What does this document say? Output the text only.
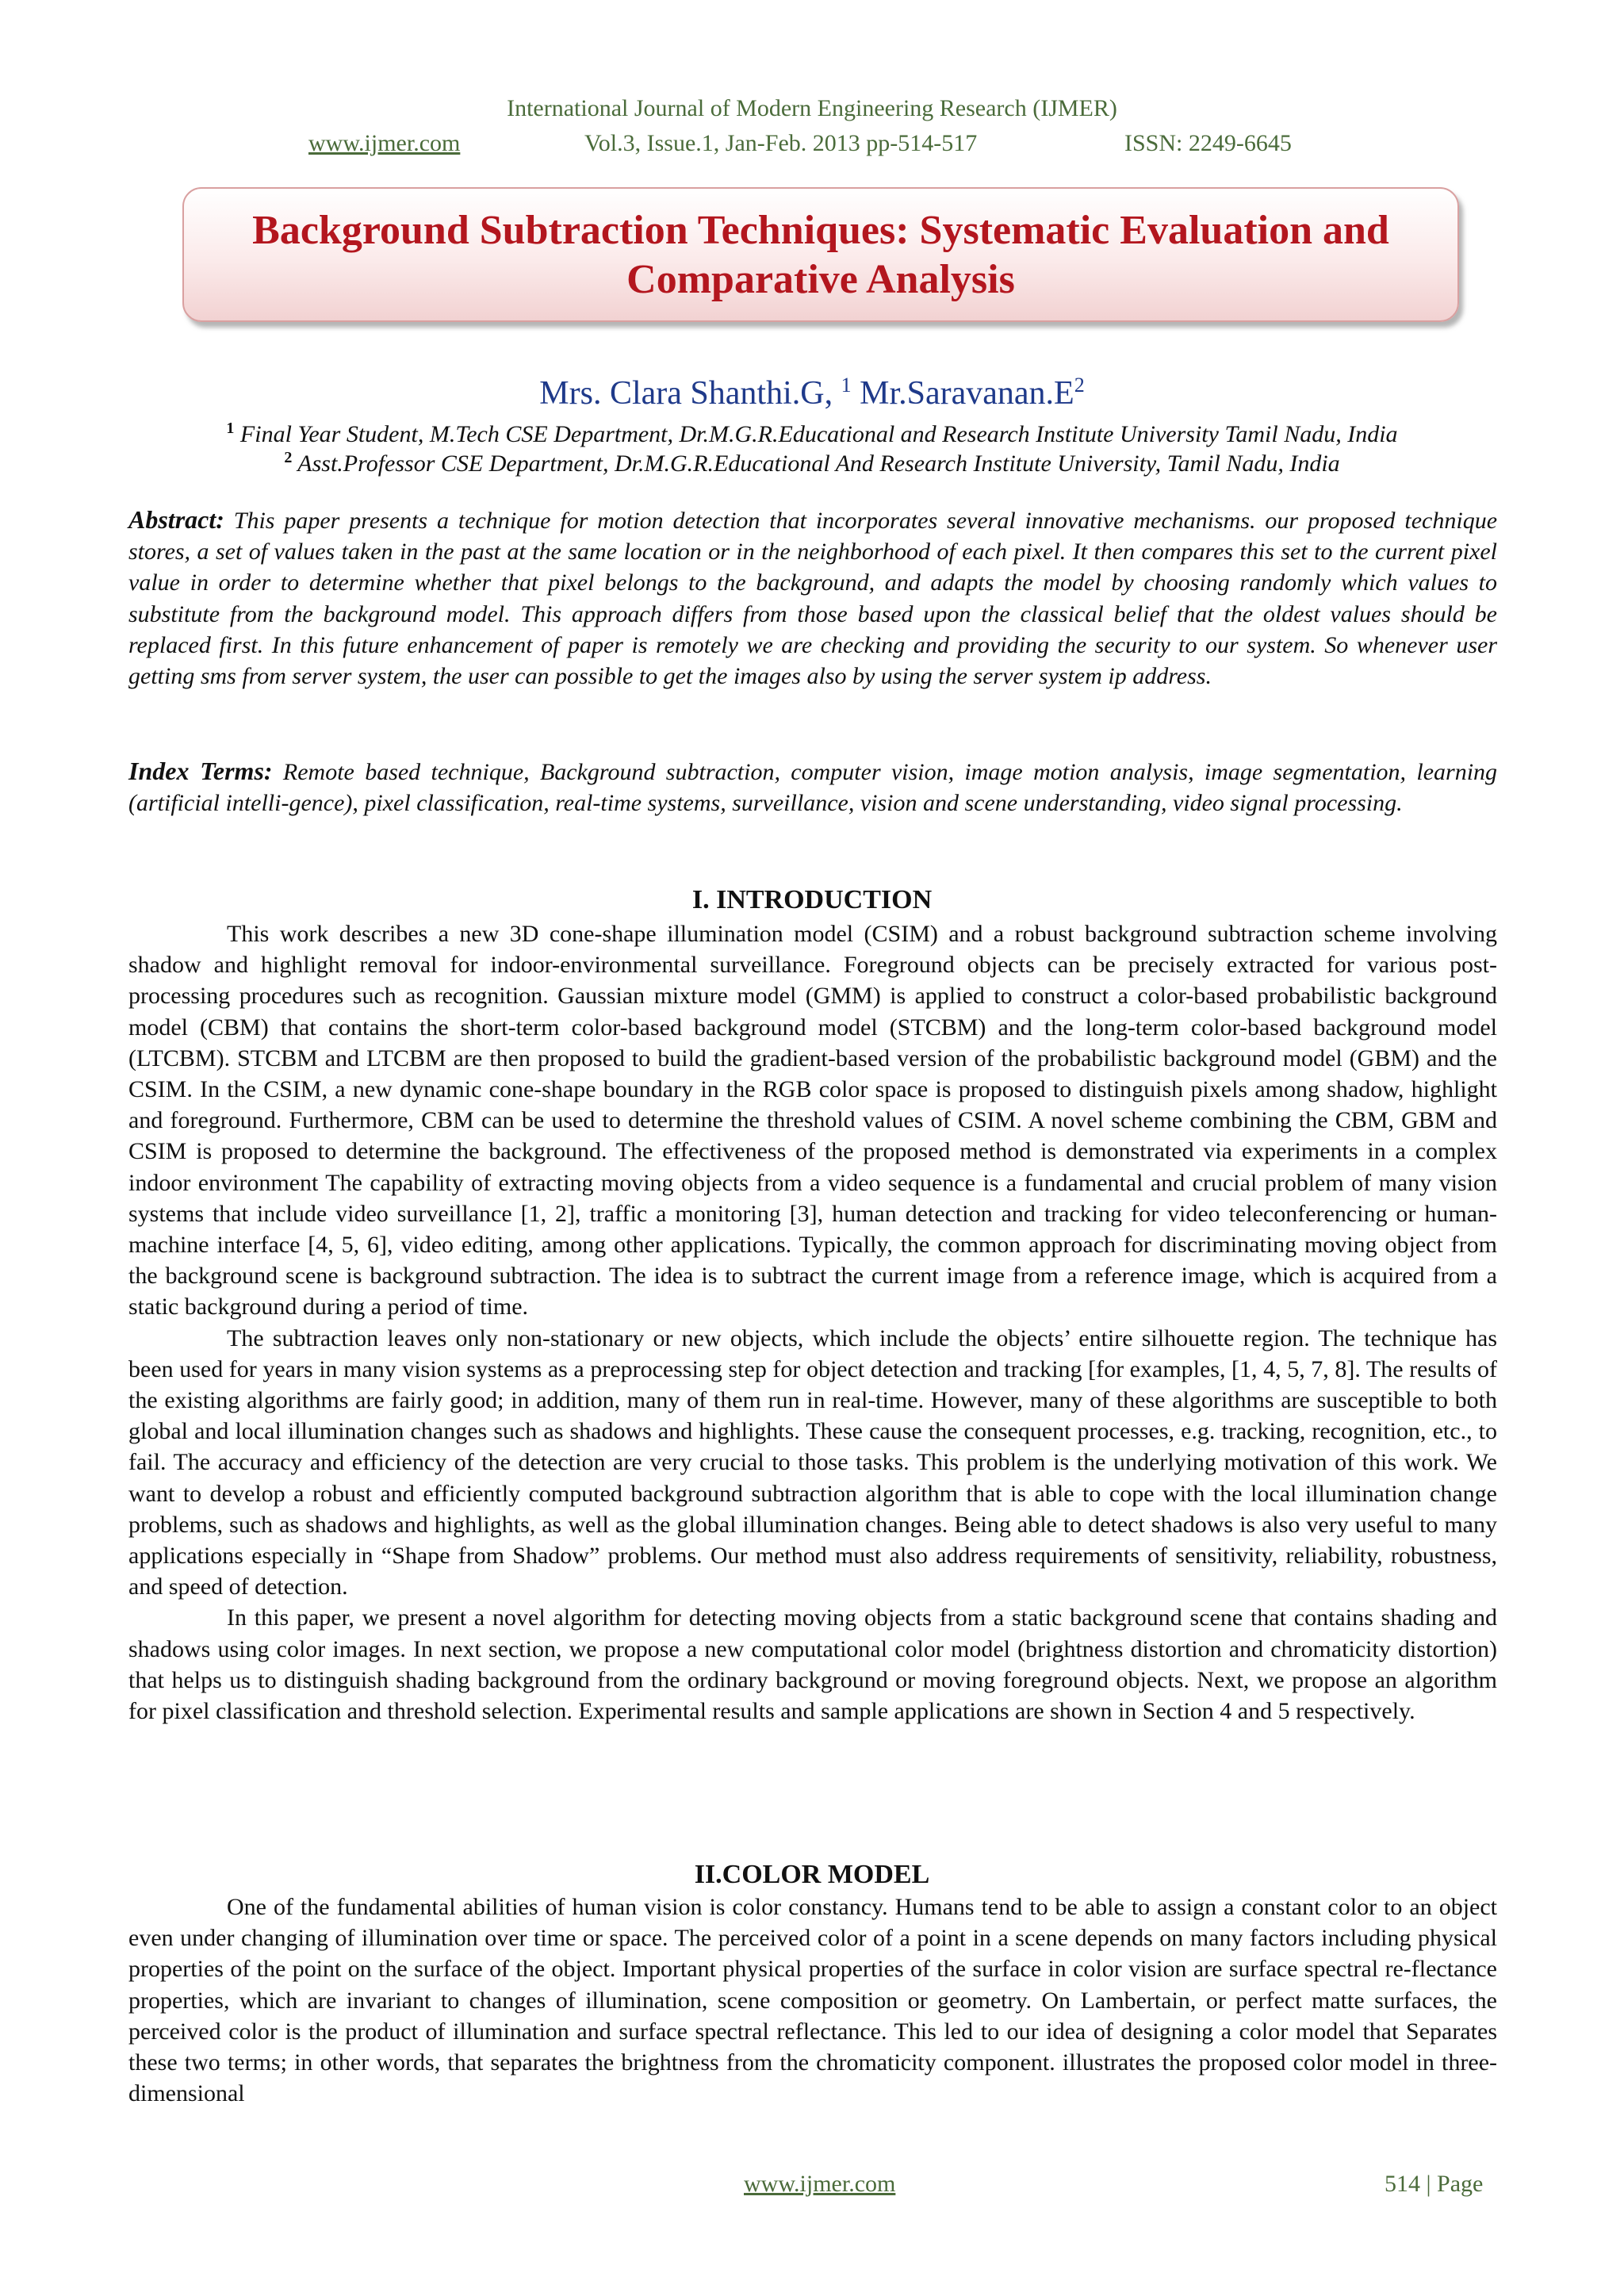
International Journal of Modern Engineering Research (IJMER)
www.ijmer.com	Vol.3, Issue.1, Jan-Feb. 2013 pp-514-517	ISSN: 2249-6645
Background Subtraction Techniques: Systematic Evaluation and
Comparative Analysis
Mrs. Clara Shanthi.G, $^1$ $Mr.Saravanan.E^2$
$^1$ Final Year Student, M.Tech CSE Department, Dr.M.G.R.Educational and Research Institute University Tamil Nadu, India
$^2$ Asst.Professor CSE Department, Dr.M.G.R.Educational And Research Institute University, Tamil Nadu, India
Abstract: This paper presents a technique for motion detection that incorporates several innovative mechanisms. our proposed technique stores, a set of values taken in the past at the same location or in the neighborhood of each pixel. It then compares this set to the current pixel value in order to determine whether that pixel belongs to the background, and adapts the model by choosing randomly which values to substitute from the background model. This approach differs from those based upon the classical belief that the oldest values should be replaced first. In this future enhancement of paper is remotely we are checking and providing the security to our system. So whenever user getting sms from server system, the user can possible to get the images also by using the server system ip address.
Index Terms: Remote based technique, Background subtraction, computer vision, image motion analysis, image segmentation, learning (artificial intelli-gence), pixel classification, real-time systems, surveillance, vision and scene understanding, video signal processing.
I. INTRODUCTION

This work describes a new 3D cone-shape illumination model (CSIM) and a robust background subtraction scheme involving shadow and highlight removal for indoor-environmental surveillance. Foreground objects can be precisely extracted for various post-processing procedures such as recognition. Gaussian mixture model (GMM) is applied to construct a color-based probabilistic background model (CBM) that contains the short-term color-based background model (STCBM) and the long-term color-based background model (LTCBM). STCBM and LTCBM are then proposed to build the gradient-based version of the probabilistic background model (GBM) and the CSIM. In the CSIM, a new dynamic cone-shape boundary in the RGB color space is proposed to distinguish pixels among shadow, highlight and foreground. Furthermore, CBM can be used to determine the threshold values of CSIM. A novel scheme combining the CBM, GBM and CSIM is proposed to determine the background. The effectiveness of the proposed method is demonstrated via experiments in a complex indoor environment The capability of extracting moving objects from a video sequence is a fundamental and crucial problem of many vision systems that include video surveillance [1, 2], traffic a monitoring [3], human detection and tracking for video teleconferencing or human-machine interface [4, 5, 6], video editing, among other applications. Typically, the common approach for discriminating moving object from the background scene is background subtraction. The idea is to subtract the current image from a reference image, which is acquired from a static background during a period of time.

The subtraction leaves only non-stationary or new objects, which include the objects’ entire silhouette region. The technique has been used for years in many vision systems as a preprocessing step for object detection and tracking [for examples, [1, 4, 5, 7, 8]. The results of the existing algorithms are fairly good; in addition, many of them run in real-time. However, many of these algorithms are susceptible to both global and local illumination changes such as shadows and highlights. These cause the consequent processes, e.g. tracking, recognition, etc., to fail. The accuracy and efficiency of the detection are very crucial to those tasks. This problem is the underlying motivation of this work. We want to develop a robust and efficiently computed background subtraction algorithm that is able to cope with the local illumination change problems, such as shadows and highlights, as well as the global illumination changes. Being able to detect shadows is also very useful to many applications especially in “Shape from Shadow” problems. Our method must also address requirements of sensitivity, reliability, robustness, and speed of detection.

In this paper, we present a novel algorithm for detecting moving objects from a static background scene that contains shading and shadows using color images. In next section, we propose a new computational color model (brightness distortion and chromaticity distortion) that helps us to distinguish shading background from the ordinary background or moving foreground objects. Next, we propose an algorithm for pixel classification and threshold selection. Experimental results and sample applications are shown in Section 4 and 5 respectively.

II.COLOR MODEL

One of the fundamental abilities of human vision is color constancy. Humans tend to be able to assign a constant color to an object even under changing of illumination over time or space. The perceived color of a point in a scene depends on many factors including physical properties of the point on the surface of the object. Important physical properties of the surface in color vision are surface spectral re-flectance properties, which are invariant to changes of illumination, scene composition or geometry. On Lambertain, or perfect matte surfaces, the perceived color is the product of illumination and surface spectral reflectance. This led to our idea of designing a color model that Separates these two terms; in other words, that separates the brightness from the chromaticity component. illustrates the proposed color model in three-dimensional

www.ijmer.com	514 | Page
